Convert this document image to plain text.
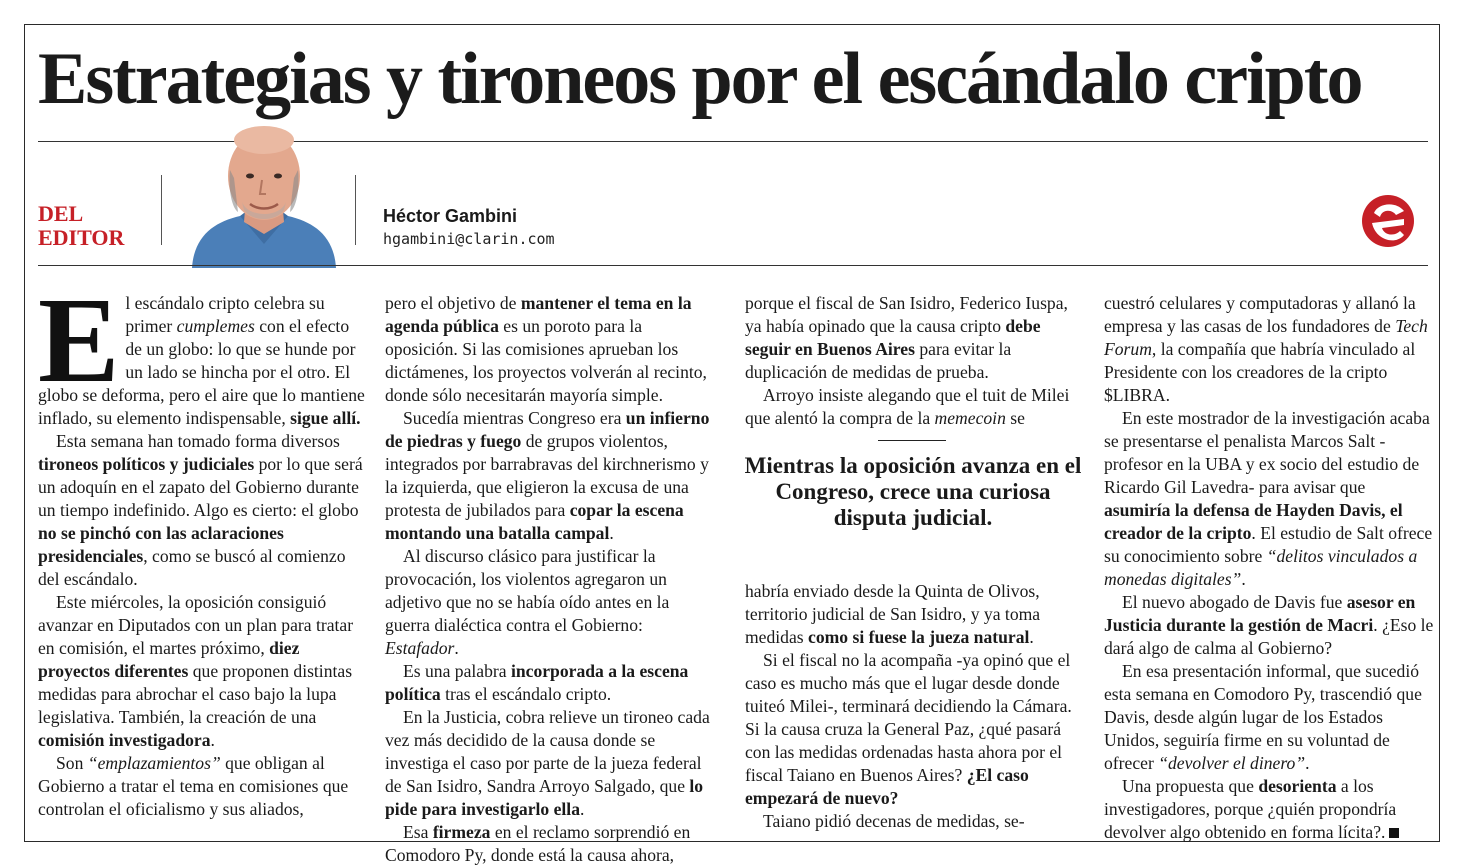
Estrategias y tironeos por el escándalo cripto
DEL
EDITOR
Héctor Gambini
hgambini@clarin.com

El escándalo cripto celebra su primer cumplemes con el efecto de un globo: lo que se hunde por un lado se hincha por el otro. El globo se deforma, pero el aire que lo mantiene inflado, su elemento indispensable, sigue allí.

Esta semana han tomado forma diversos tironeos políticos y judiciales por lo que será un adoquín en el zapato del Gobierno durante un tiempo indefinido. Algo es cierto: el globo no se pinchó con las aclaraciones presidenciales, como se buscó al comienzo del escándalo.

Este miércoles, la oposición consiguió avanzar en Diputados con un plan para tratar en comisión, el martes próximo, diez proyectos diferentes que proponen distintas medidas para abrochar el caso bajo la lupa legislativa. También, la creación de una comisión investigadora.

Son “emplazamientos” que obligan al Gobierno a tratar el tema en comisiones que controlan el oficialismo y sus aliados,

pero el objetivo de mantener el tema en la agenda pública es un poroto para la oposición. Si las comisiones aprueban los dictámenes, los proyectos volverán al recinto, donde sólo necesitarán mayoría simple.

Sucedía mientras Congreso era un infierno de piedras y fuego de grupos violentos, integrados por barrabravas del kirchnerismo y la izquierda, que eligieron la excusa de una protesta de jubilados para copar la escena montando una batalla campal.

Al discurso clásico para justificar la provocación, los violentos agregaron un adjetivo que no se había oído antes en la guerra dialéctica contra el Gobierno: Estafador.

Es una palabra incorporada a la escena política tras el escándalo cripto.

En la Justicia, cobra relieve un tironeo cada vez más decidido de la causa donde se investiga el caso por parte de la jueza federal de San Isidro, Sandra Arroyo Salgado, que lo pide para investigarlo ella.

Esa firmeza en el reclamo sorprendió en Comodoro Py, donde está la causa ahora,

porque el fiscal de San Isidro, Federico Iuspa, ya había opinado que la causa cripto debe seguir en Buenos Aires para evitar la duplicación de medidas de prueba.

Arroyo insiste alegando que el tuit de Milei que alentó la compra de la memecoin se

Mientras la oposición avanza en el Congreso, crece una curiosa disputa judicial.

habría enviado desde la Quinta de Olivos, territorio judicial de San Isidro, y ya toma medidas como si fuese la jueza natural.

Si el fiscal no la acompaña -ya opinó que el caso es mucho más que el lugar desde donde tuiteó Milei-, terminará decidiendo la Cámara. Si la causa cruza la General Paz, ¿qué pasará con las medidas ordenadas hasta ahora por el fiscal Taiano en Buenos Aires? ¿El caso empezará de nuevo?

Taiano pidió decenas de medidas, se-

cuestró celulares y computadoras y allanó la empresa y las casas de los fundadores de Tech Forum, la compañía que habría vinculado al Presidente con los creadores de la cripto $LIBRA.

En este mostrador de la investigación acaba se presentarse el penalista Marcos Salt -profesor en la UBA y ex socio del estudio de Ricardo Gil Lavedra- para avisar que asumiría la defensa de Hayden Davis, el creador de la cripto. El estudio de Salt ofrece su conocimiento sobre “delitos vinculados a monedas digitales”.

El nuevo abogado de Davis fue asesor en Justicia durante la gestión de Macri. ¿Eso le dará algo de calma al Gobierno?

En esa presentación informal, que sucedió esta semana en Comodoro Py, trascendió que Davis, desde algún lugar de los Estados Unidos, seguiría firme en su voluntad de ofrecer “devolver el dinero”.

Una propuesta que desorienta a los investigadores, porque ¿quién propondría devolver algo obtenido en forma lícita?.
